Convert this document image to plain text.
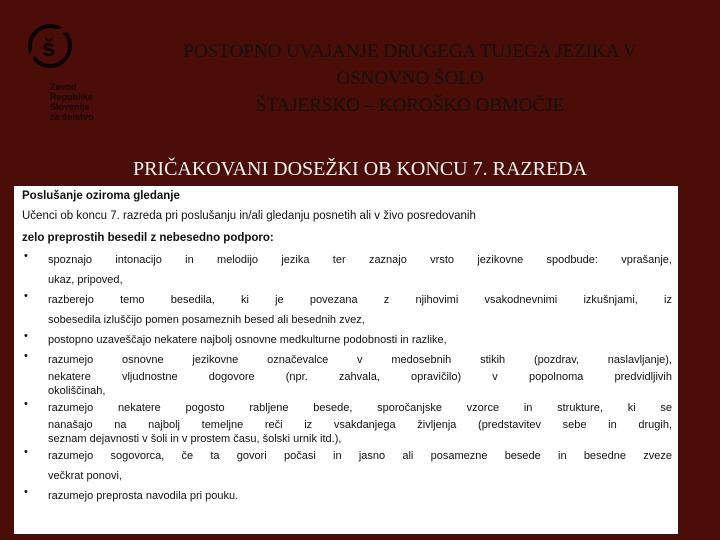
š
Zavod
Republike
Slovenije
za šolstvo
POSTOPNO UVAJANJE DRUGEGA TUJEGA JEZIKA V
OSNOVNO ŠOLO
ŠTAJERSKO – KOROŠKO OBMOČJE
PRIČAKOVANI DOSEŽKI OB KONCU 7. RAZREDA
Poslušanje oziroma gledanje
Učenci ob koncu 7. razreda pri poslušanju in/ali gledanju posnetih ali v živo posredovanih
zelo preprostih besedil z nebesedno podporo:
• spoznajo intonacijo in melodijo jezika ter zaznajo vrsto jezikovne spodbude: vprašanje,
ukaz, pripoved,
• razberejo temo besedila, ki je povezana z njihovimi vsakodnevnimi izkušnjami, iz
sobesedila izluščijo pomen posameznih besed ali besednih zvez,
• postopno uzaveščajo nekatere najbolj osnovne medkulturne podobnosti in razlike,
• razumejo osnovne jezikovne označevalce v medosebnih stikih (pozdrav, naslavljanje),
nekatere vljudnostne dogovore (npr. zahvala, opravičilo) v popolnoma predvidljivih
okoliščinah,
• razumejo nekatere pogosto rabljene besede, sporočanjske vzorce in strukture, ki se
nanašajo na najbolj temeljne reči iz vsakdanjega življenja (predstavitev sebe in drugih,
seznam dejavnosti v šoli in v prostem času, šolski urnik itd.),
• razumejo sogovorca, če ta govori počasi in jasno ali posamezne besede in besedne zveze
večkrat ponovi,
• razumejo preprosta navodila pri pouku.
